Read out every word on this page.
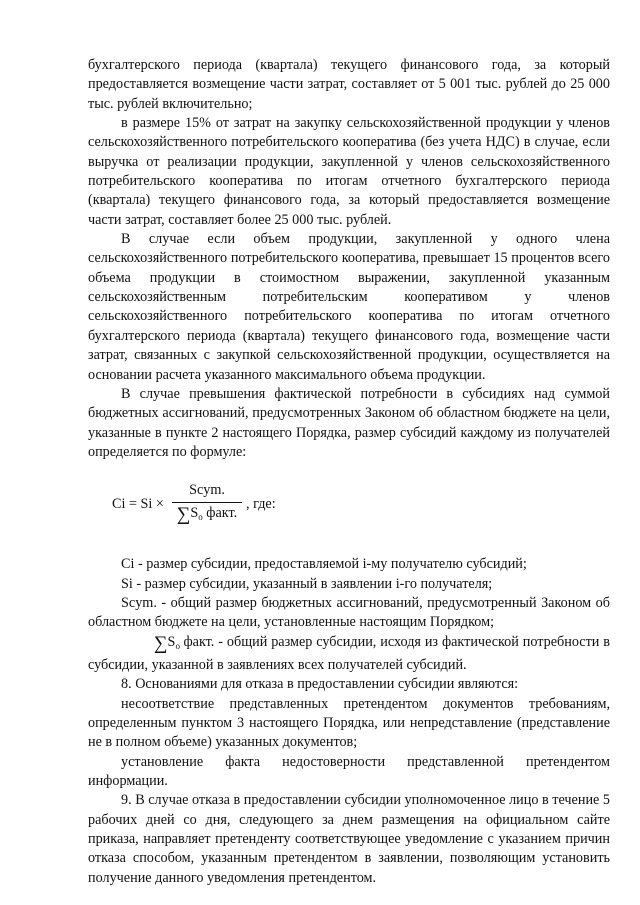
бухгалтерского периода (квартала) текущего финансового года, за который предоставляется возмещение части затрат, составляет от 5 001 тыс. рублей до 25 000 тыс. рублей включительно;

в размере 15% от затрат на закупку сельскохозяйственной продукции у членов сельскохозяйственного потребительского кооператива (без учета НДС) в случае, если выручка от реализации продукции, закупленной у членов сельскохозяйственного потребительского кооператива по итогам отчетного бухгалтерского периода (квартала) текущего финансового года, за который предоставляется возмещение части затрат, составляет более 25 000 тыс. рублей.

В случае если объем продукции, закупленной у одного члена сельскохозяйственного потребительского кооператива, превышает 15 процентов всего объема продукции в стоимостном выражении, закупленной указанным сельскохозяйственным потребительским кооперативом у членов сельскохозяйственного потребительского кооператива по итогам отчетного бухгалтерского периода (квартала) текущего финансового года, возмещение части затрат, связанных с закупкой сельскохозяйственной продукции, осуществляется на основании расчета указанного максимального объема продукции.

В случае превышения фактической потребности в субсидиях над суммой бюджетных ассигнований, предусмотренных Законом об областном бюджете на цели, указанные в пункте 2 настоящего Порядка, размер субсидий каждому из получателей определяется по формуле:

Ci = Si ×
Scym.
$\sum S_o$ факт.
, где:

Ci - размер субсидии, предоставляемой i-му получателю субсидий;

Si - размер субсидии, указанный в заявлении i-го получателя;

Scym. - общий размер бюджетных ассигнований, предусмотренный Законом об областном бюджете на цели, установленные настоящим Порядком;

$\sum S_o$ факт. - общий размер субсидии, исходя из фактической потребности в субсидии, указанной в заявлениях всех получателей субсидий.

8. Основаниями для отказа в предоставлении субсидии являются:

несоответствие представленных претендентом документов требованиям, определенным пунктом 3 настоящего Порядка, или непредставление (представление не в полном объеме) указанных документов;

установление факта недостоверности представленной претендентом информации.

9. В случае отказа в предоставлении субсидии уполномоченное лицо в течение 5 рабочих дней со дня, следующего за днем размещения на официальном сайте приказа, направляет претенденту соответствующее уведомление с указанием причин отказа способом, указанным претендентом в заявлении, позволяющим установить получение данного уведомления претендентом.
